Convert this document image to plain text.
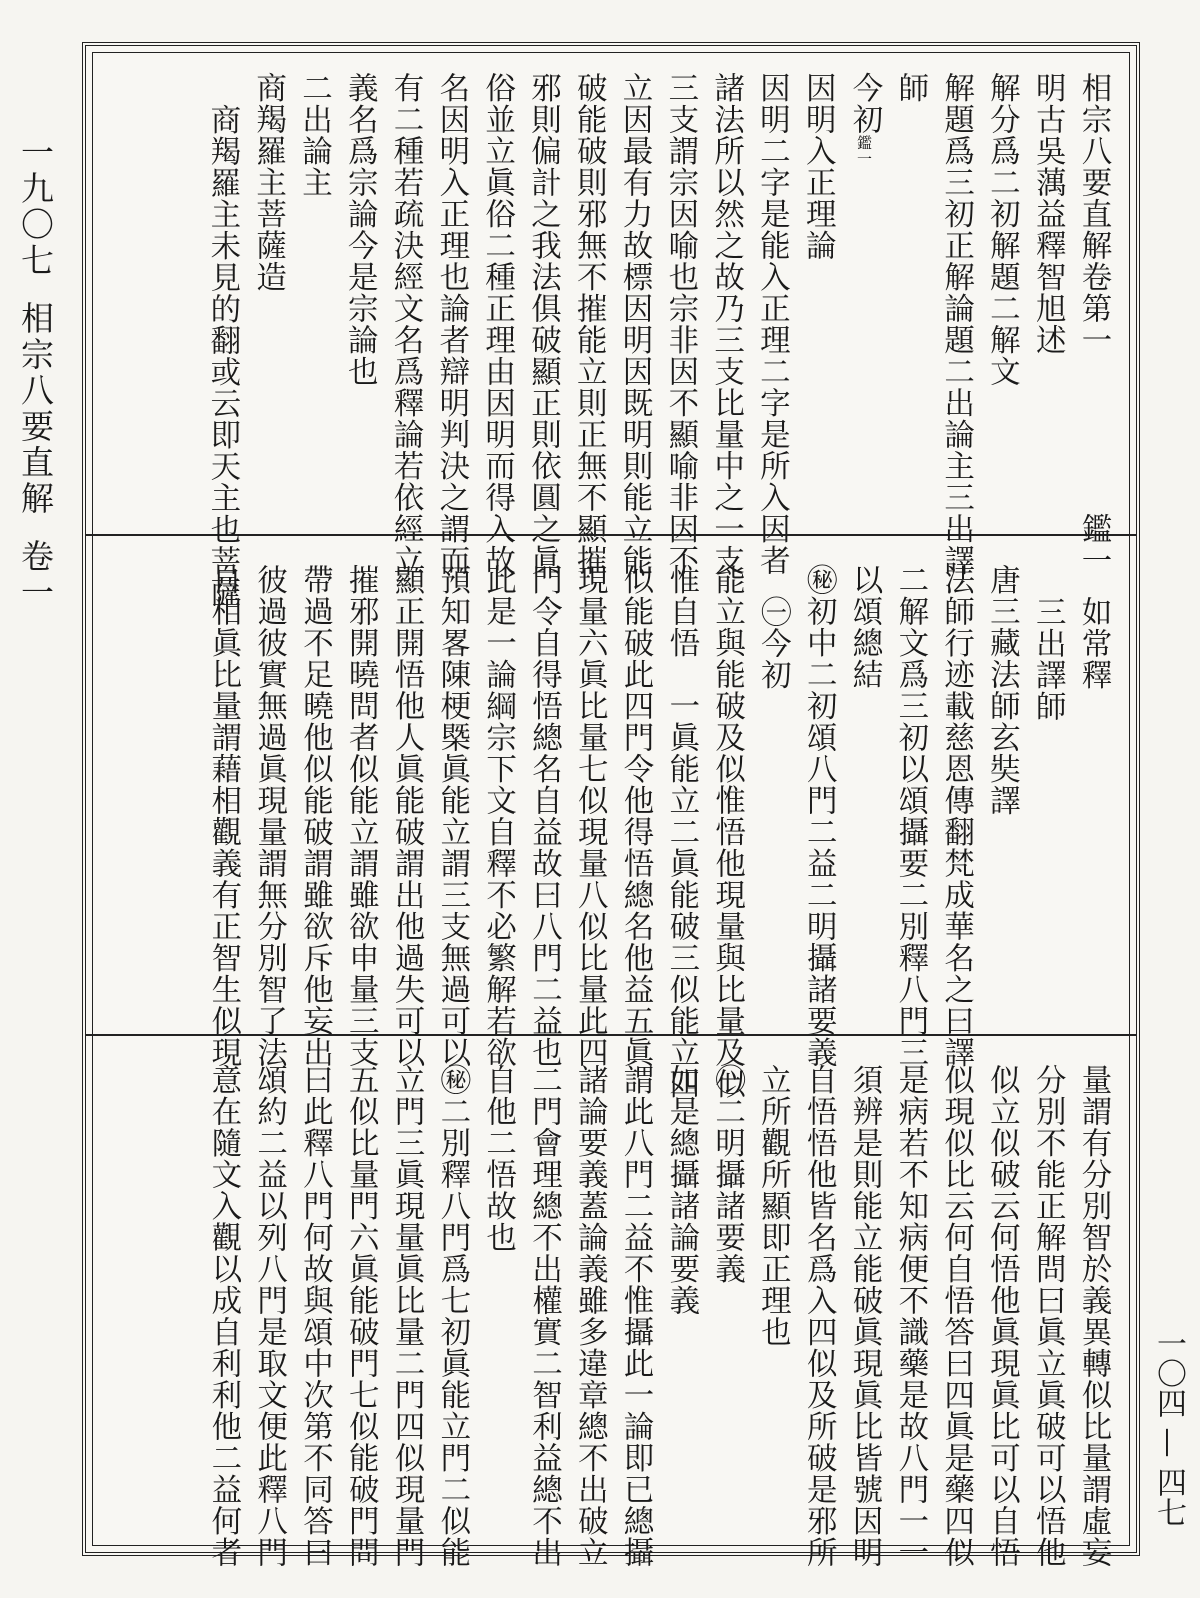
一九〇七相宗八要直解卷一
一〇四 — 四七
相宗八要直解卷第一　　　　　鑑一
明古吳蕅益釋智旭述
解分爲二初解題二解文
解題爲三初正解論題二出論主三出譯
師
今初鑑一
因明入正理論
因明二字是能入正理二字是所入因者
諸法所以然之故乃三支比量中之一支
三支謂宗因喻也宗非因不顯喻非因不
立因最有力故標因明因既明則能立能
破能破則邪無不摧能立則正無不顯摧
邪則偏計之我法俱破顯正則依圓之眞
俗並立眞俗二種正理由因明而得入故
名因明入正理也論者辯明判決之謂而
有二種若疏決經文名爲釋論若依經立
義名爲宗論今是宗論也
二出論主
商羯羅主菩薩造
商羯羅主未見的翻或云即天主也菩薩
如常釋
三出譯師
唐三藏法師玄奘譯
法師行迹載慈恩傳翻梵成華名之曰譯
二解文爲三初以頌攝要二別釋八門三
以頌總結
㊙初中二初頌八門二益二明攝諸要義
㊀今初
能立與能破及似惟悟他現量與比量及似
惟自悟　一眞能立二眞能破三似能立四
似能破此四門令他得悟總名他益五眞
現量六眞比量七似現量八似比量此四
門令自得悟總名自益故曰八門二益也
此是一論綱宗下文自釋不必繁解若欲
預知畧陳梗槩眞能立謂三支無過可以
顯正開悟他人眞能破謂出他過失可以
摧邪開曉問者似能立謂雖欲申量三支
帶過不足曉他似能破謂雖欲斥他妄出
彼過彼實無過眞現量謂無分別智了法
自相眞比量謂藉相觀義有正智生似現
量謂有分別智於義異轉似比量謂虛妄
分別不能正解問曰眞立眞破可以悟他
似立似破云何悟他眞現眞比可以自悟
似現似比云何自悟答曰四眞是藥四似
是病若不知病便不識藥是故八門一一
須辨是則能立能破眞現眞比皆號因明
自悟悟他皆名爲入四似及所破是邪所
立所觀所顯即正理也
㊀二明攝諸要義
如是總攝諸論要義
謂此八門二益不惟攝此一論即已總攝
諸論要義蓋論義雖多違章總不出破立
二門會理總不出權實二智利益總不出
自他二悟故也
㊙二別釋八門爲七初眞能立門二似能
立門三眞現量眞比量二門四似現量門
五似比量門六眞能破門七似能破門問
曰此釋八門何故與頌中次第不同答曰
頌約二益以列八門是取文便此釋八門
意在隨文入觀以成自利利他二益何者
